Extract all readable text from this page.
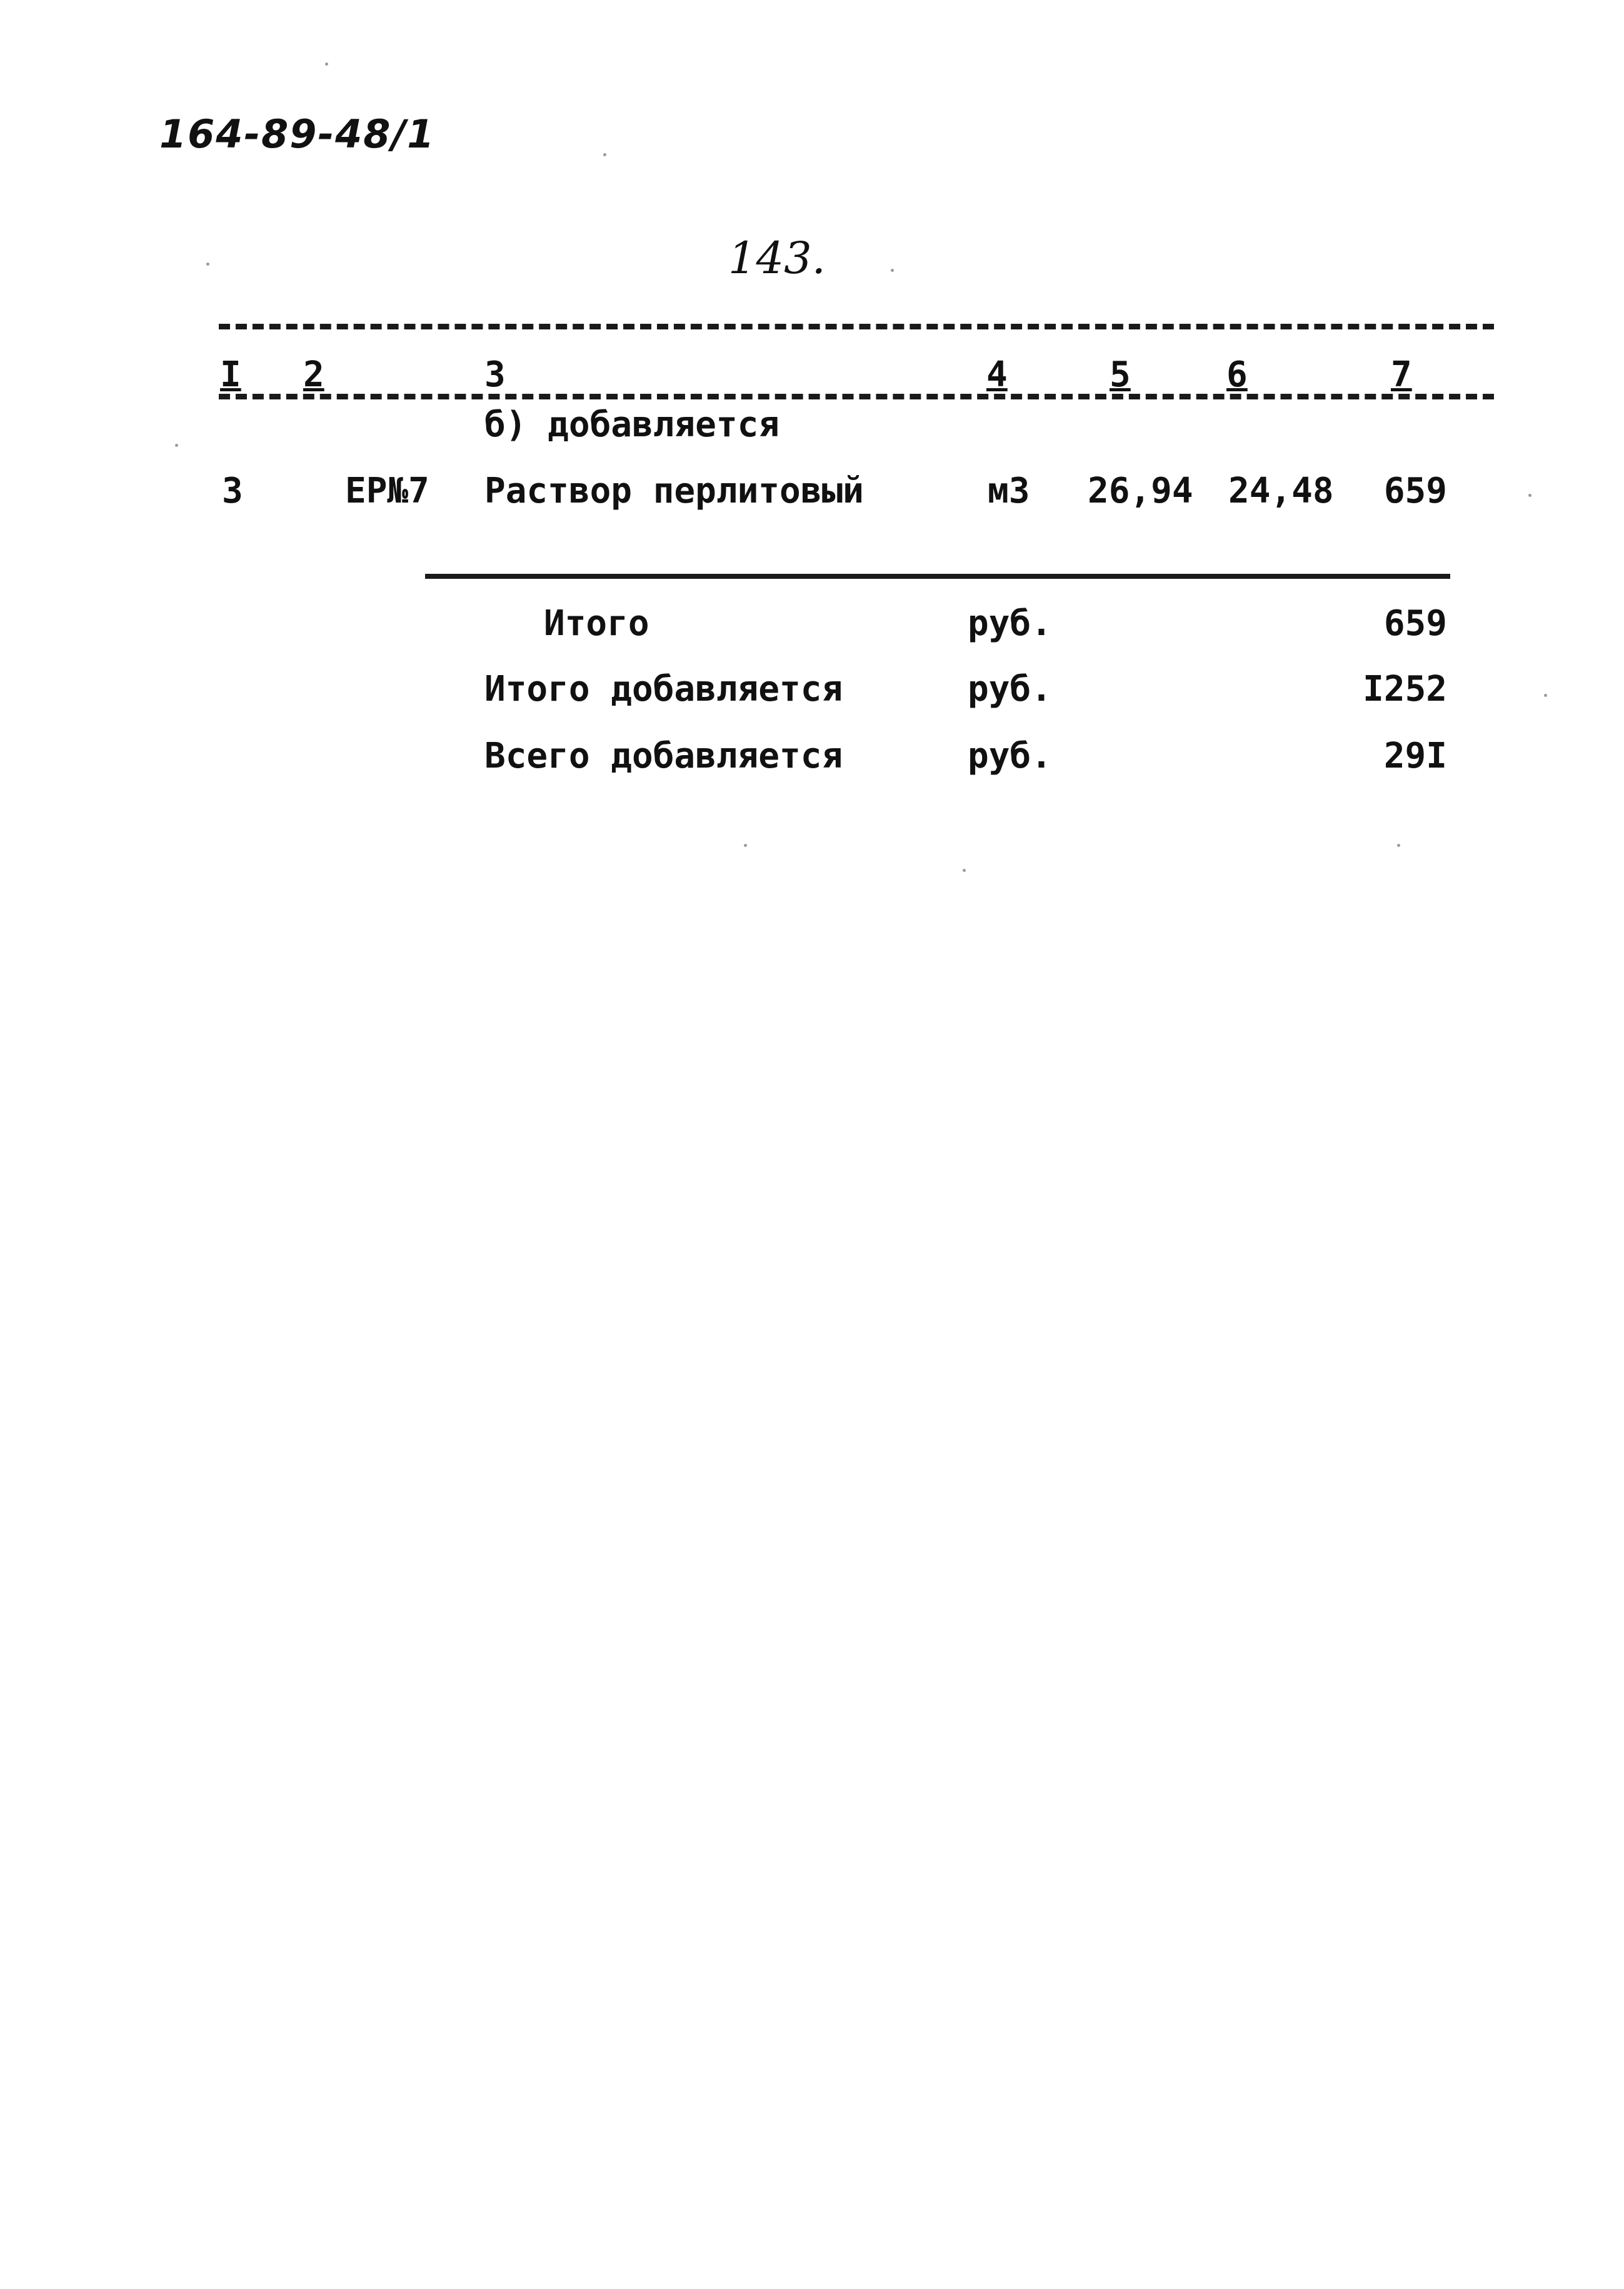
164-89-48/1
143.
I 2	3	4	5	6	7
б) добавляется
3	ЕР№7 Раствор перлитовый	м3 26,94 24,48	659
Итого	руб.	659
Итого добавляется	руб.	I252
Всего добавляется	руб.	29I
